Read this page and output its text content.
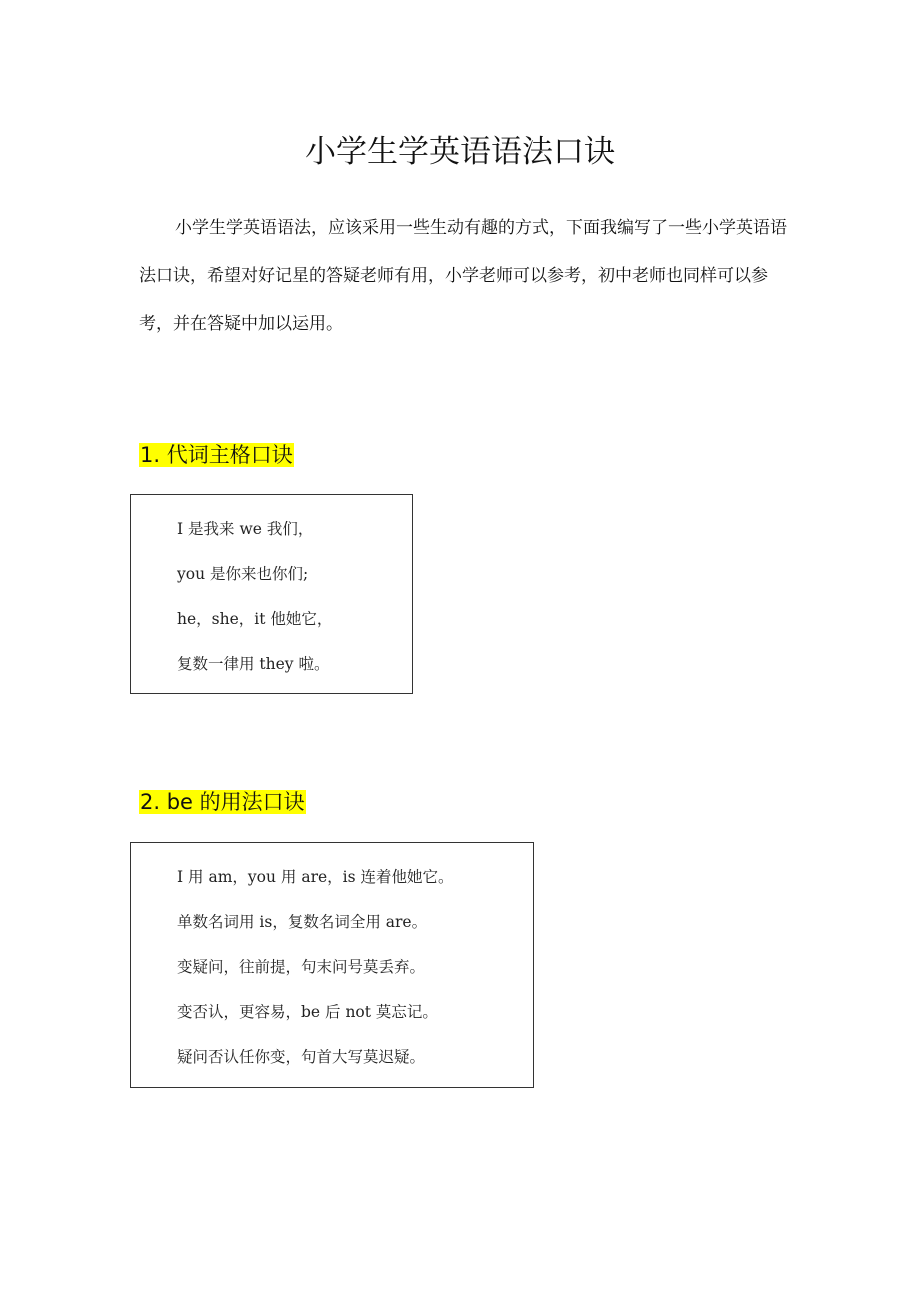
小学生学英语语法口诀

小学生学英语语法，应该采用一些生动有趣的方式，下面我编写了一些小学英语语法口诀，希望对好记星的答疑老师有用，小学老师可以参考，初中老师也同样可以参考，并在答疑中加以运用。

1. 代词主格口诀
I 是我来 we 我们，
you 是你来也你们;
he，she，it 他她它，
复数一律用 they 啦。
2. be 的用法口诀
I 用 am，you 用 are，is 连着他她它。
单数名词用 is，复数名词全用 are。
变疑问，往前提，句末问号莫丢弃。
变否认，更容易，be 后 not 莫忘记。
疑问否认任你变，句首大写莫迟疑。
